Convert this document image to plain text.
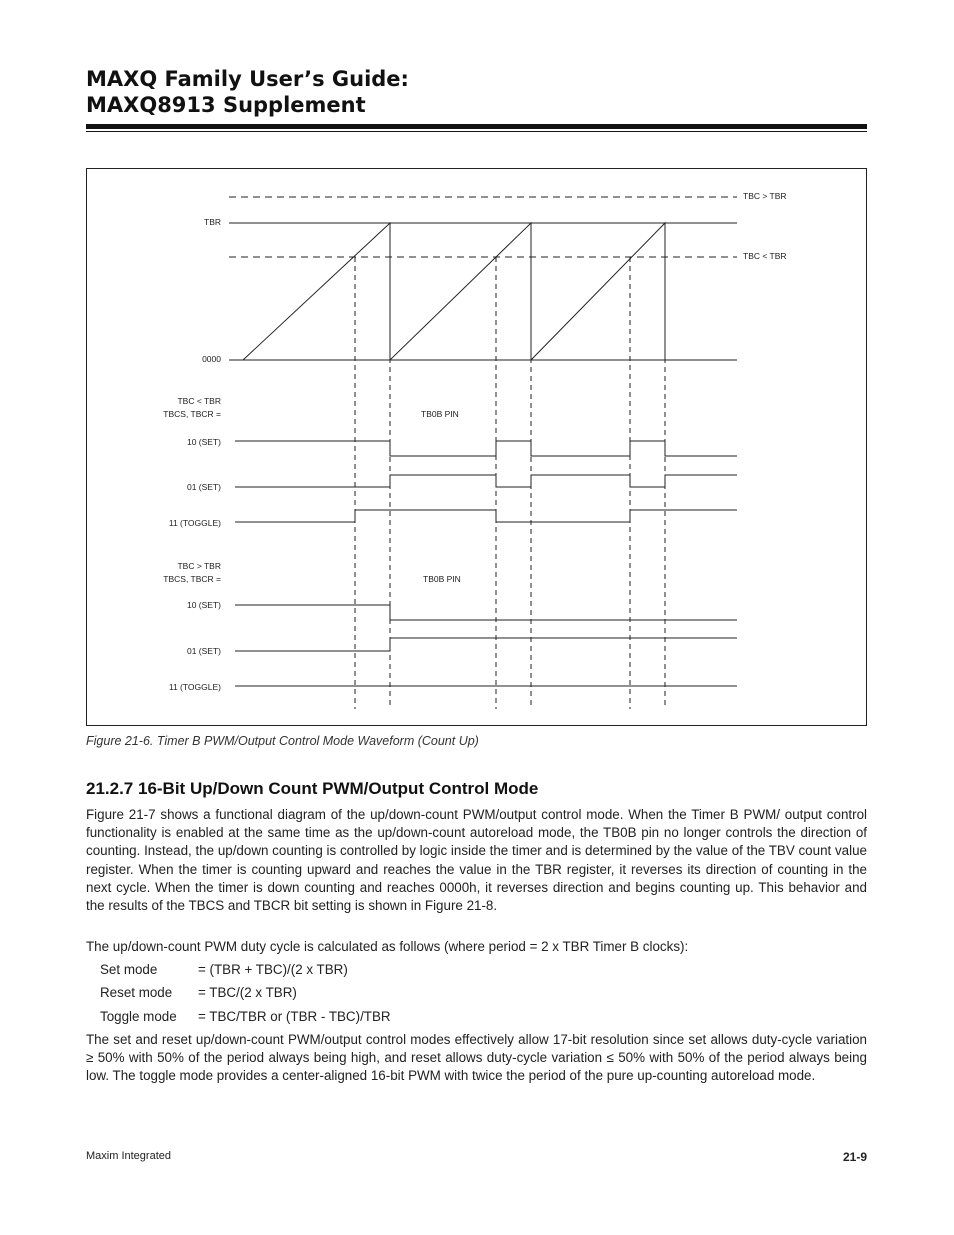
MAXQ Family User’s Guide:
MAXQ8913 Supplement
TBC > TBR
TBC < TBR
TBR
0000
TBC < TBR
TBCS, TBCR =	TB0B PIN
10 (SET)
01 (SET)
11 (TOGGLE)
TBC > TBR
TBCS, TBCR =	TB0B PIN
10 (SET)
01 (SET)
11 (TOGGLE)
Figure 21-6. Timer B PWM/Output Control Mode Waveform (Count Up)
21.2.7 16-Bit Up/Down Count PWM/Output Control Mode

Figure 21-7 shows a functional diagram of the up/down-count PWM/output control mode. When the Timer B PWM/ output control functionality is enabled at the same time as the up/down-count autoreload mode, the TB0B pin no longer controls the direction of counting. Instead, the up/down counting is controlled by logic inside the timer and is determined by the value of the TBV count value register. When the timer is counting upward and reaches the value in the TBR register, it reverses its direction of counting in the next cycle. When the timer is down counting and reaches 0000h, it reverses direction and begins counting up. This behavior and the results of the TBCS and TBCR bit setting is shown in Figure 21-8.

The up/down-count PWM duty cycle is calculated as follows (where period = 2 x TBR Timer B clocks):

Set mode	= (TBR + TBC)/(2 x TBR)
Reset mode = TBC/(2 x TBR)
Toggle mode = TBC/TBR or (TBR - TBC)/TBR

The set and reset up/down-count PWM/output control modes effectively allow 17-bit resolution since set allows duty-cycle variation ≥ 50% with 50% of the period always being high, and reset allows duty-cycle variation ≤ 50% with 50% of the period always being low. The toggle mode provides a center-aligned 16-bit PWM with twice the period of the pure up-counting autoreload mode.

Maxim Integrated	21-9
